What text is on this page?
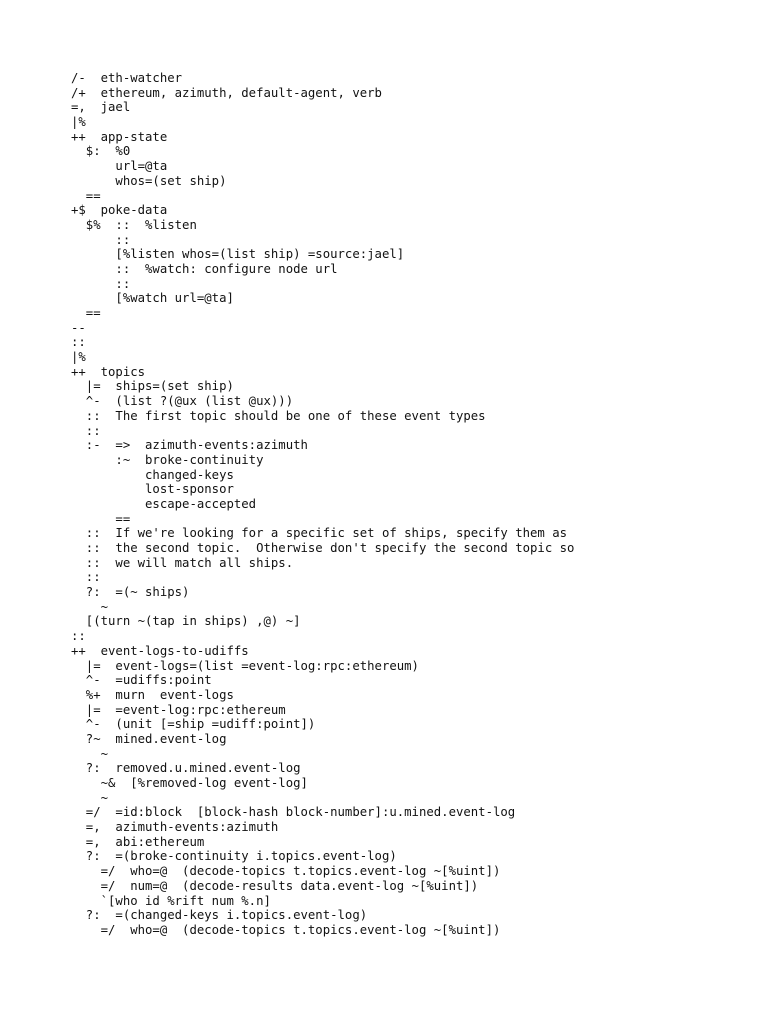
/-  eth-watcher
/+  ethereum, azimuth, default-agent, verb
=,  jael
|%
++  app-state
$:  %0
url=@ta
whos=(set ship)
==
+$  poke-data
$%  ::  %listen
::
[%listen whos=(list ship) =source:jael]
::  %watch: configure node url
::
[%watch url=@ta]
==
--
::
|%
++  topics
|=  ships=(set ship)
^-  (list ?(@ux (list @ux)))
::  The first topic should be one of these event types
::
:-  =>  azimuth-events:azimuth
:~  broke-continuity
changed-keys
lost-sponsor
escape-accepted
==
::  If we're looking for a specific set of ships, specify them as
::  the second topic.  Otherwise don't specify the second topic so
::  we will match all ships.
::
?:  =(~ ships)
~
[(turn ~(tap in ships) ,@) ~]
::
++  event-logs-to-udiffs
|=  event-logs=(list =event-log:rpc:ethereum)
^-  =udiffs:point
%+  murn  event-logs
|=  =event-log:rpc:ethereum
^-  (unit [=ship =udiff:point])
?~  mined.event-log
~
?:  removed.u.mined.event-log
~&  [%removed-log event-log]
~
=/  =id:block  [block-hash block-number]:u.mined.event-log
=,  azimuth-events:azimuth
=,  abi:ethereum
?:  =(broke-continuity i.topics.event-log)
=/  who=@  (decode-topics t.topics.event-log ~[%uint])
=/  num=@  (decode-results data.event-log ~[%uint])
`[who id %rift num %.n]
?:  =(changed-keys i.topics.event-log)
=/  who=@  (decode-topics t.topics.event-log ~[%uint])
